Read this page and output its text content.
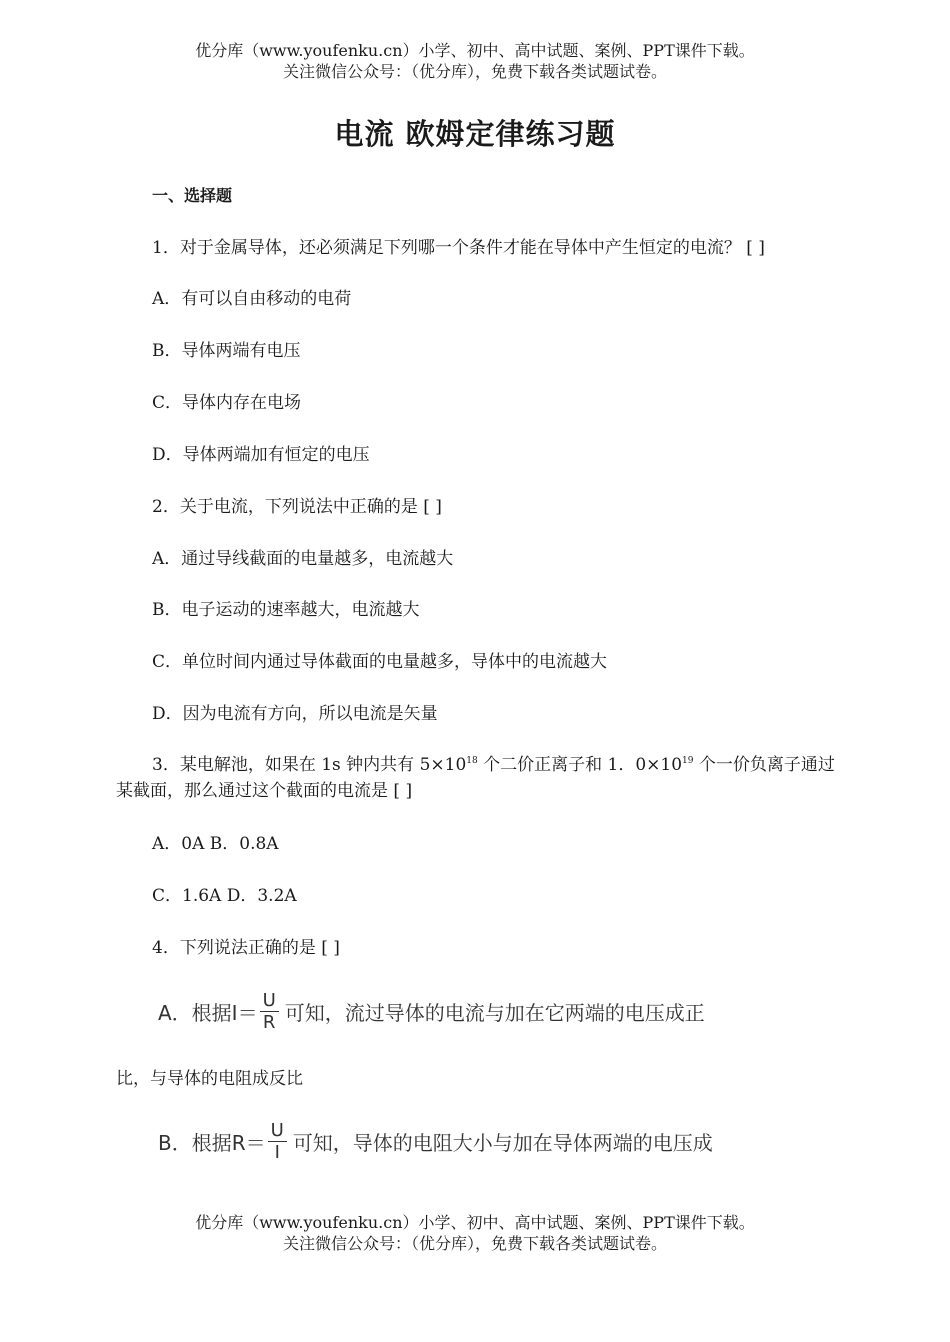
优分库（www.youfenku.cn）小学、初中、高中试题、案例、PPT课件下载。
关注微信公众号：（优分库），免费下载各类试题试卷。
电流 欧姆定律练习题
一、选择题
1．对于金属导体，还必须满足下列哪一个条件才能在导体中产生恒定的电流？ [ ]
A．有可以自由移动的电荷
B．导体两端有电压
C．导体内存在电场
D．导体两端加有恒定的电压
2．关于电流，下列说法中正确的是 [ ]
A．通过导线截面的电量越多，电流越大
B．电子运动的速率越大，电流越大
C．单位时间内通过导体截面的电量越多，导体中的电流越大
D．因为电流有方向，所以电流是矢量
3．某电解池，如果在 1s 钟内共有 $5\times 10^{18}$ 个二价正离子和 1．$0\times 10^{19}$ 个一价负离子通过某截面，那么通过这个截面的电流是 [ ]
A．0A B．0.8A
C．1.6A D．3.2A
4．下列说法正确的是 [ ]
A．根据$I= \frac{U}{R}$ 可知，流过导体的电流与加在它两端的电压成正
比，与导体的电阻成反比
B．根据$R= \frac{U}{I}$ 可知，导体的电阻大小与加在导体两端的电压成
优分库（www.youfenku.cn）小学、初中、高中试题、案例、PPT课件下载。
关注微信公众号：（优分库），免费下载各类试题试卷。
